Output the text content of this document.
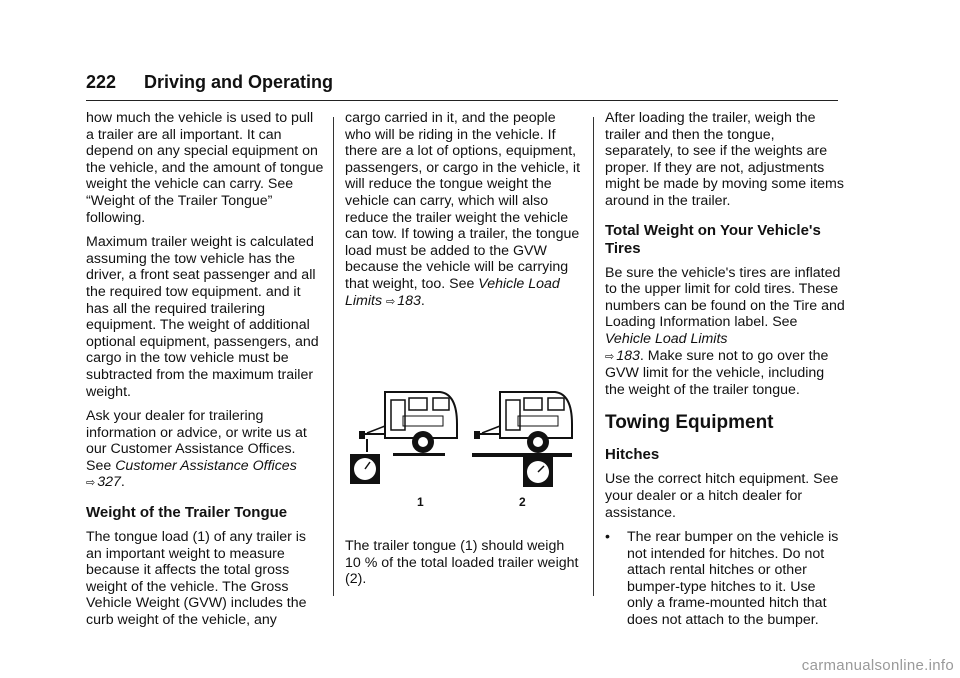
222 Driving and Operating

how much the vehicle is used to pull a trailer are all important. It can depend on any special equipment on the vehicle, and the amount of tongue weight the vehicle can carry. See “Weight of the Trailer Tongue” following.

Maximum trailer weight is calculated assuming the tow vehicle has the driver, a front seat passenger and all the required tow equipment. and it has all the required trailering equipment. The weight of additional optional equipment, passengers, and cargo in the tow vehicle must be subtracted from the maximum trailer weight.

Ask your dealer for trailering information or advice, or write us at our Customer Assistance Offices. See Customer Assistance Offices
⇨ 327.

Weight of the Trailer Tongue

The tongue load (1) of any trailer is an important weight to measure because it affects the total gross weight of the vehicle. The Gross Vehicle Weight (GVW) includes the curb weight of the vehicle, any

cargo carried in it, and the people who will be riding in the vehicle. If there are a lot of options, equipment, passengers, or cargo in the vehicle, it will reduce the tongue weight the vehicle can carry, which will also reduce the trailer weight the vehicle can tow. If towing a trailer, the tongue load must be added to the GVW because the vehicle will be carrying that weight, too. See Vehicle Load Limits ⇨ 183.

1	2

The trailer tongue (1) should weigh 10 % of the total loaded trailer weight (2).

After loading the trailer, weigh the trailer and then the tongue, separately, to see if the weights are proper. If they are not, adjustments might be made by moving some items around in the trailer.

Total Weight on Your Vehicle's Tires

Be sure the vehicle's tires are inflated to the upper limit for cold tires. These numbers can be found on the Tire and Loading Information label. See Vehicle Load Limits
⇨ 183. Make sure not to go over the GVW limit for the vehicle, including the weight of the trailer tongue.

Towing Equipment
Hitches

Use the correct hitch equipment. See your dealer or a hitch dealer for assistance.

• The rear bumper on the vehicle is not intended for hitches. Do not attach rental hitches or other bumper-type hitches to it. Use only a frame-mounted hitch that does not attach to the bumper.
carmanualsonline.info
